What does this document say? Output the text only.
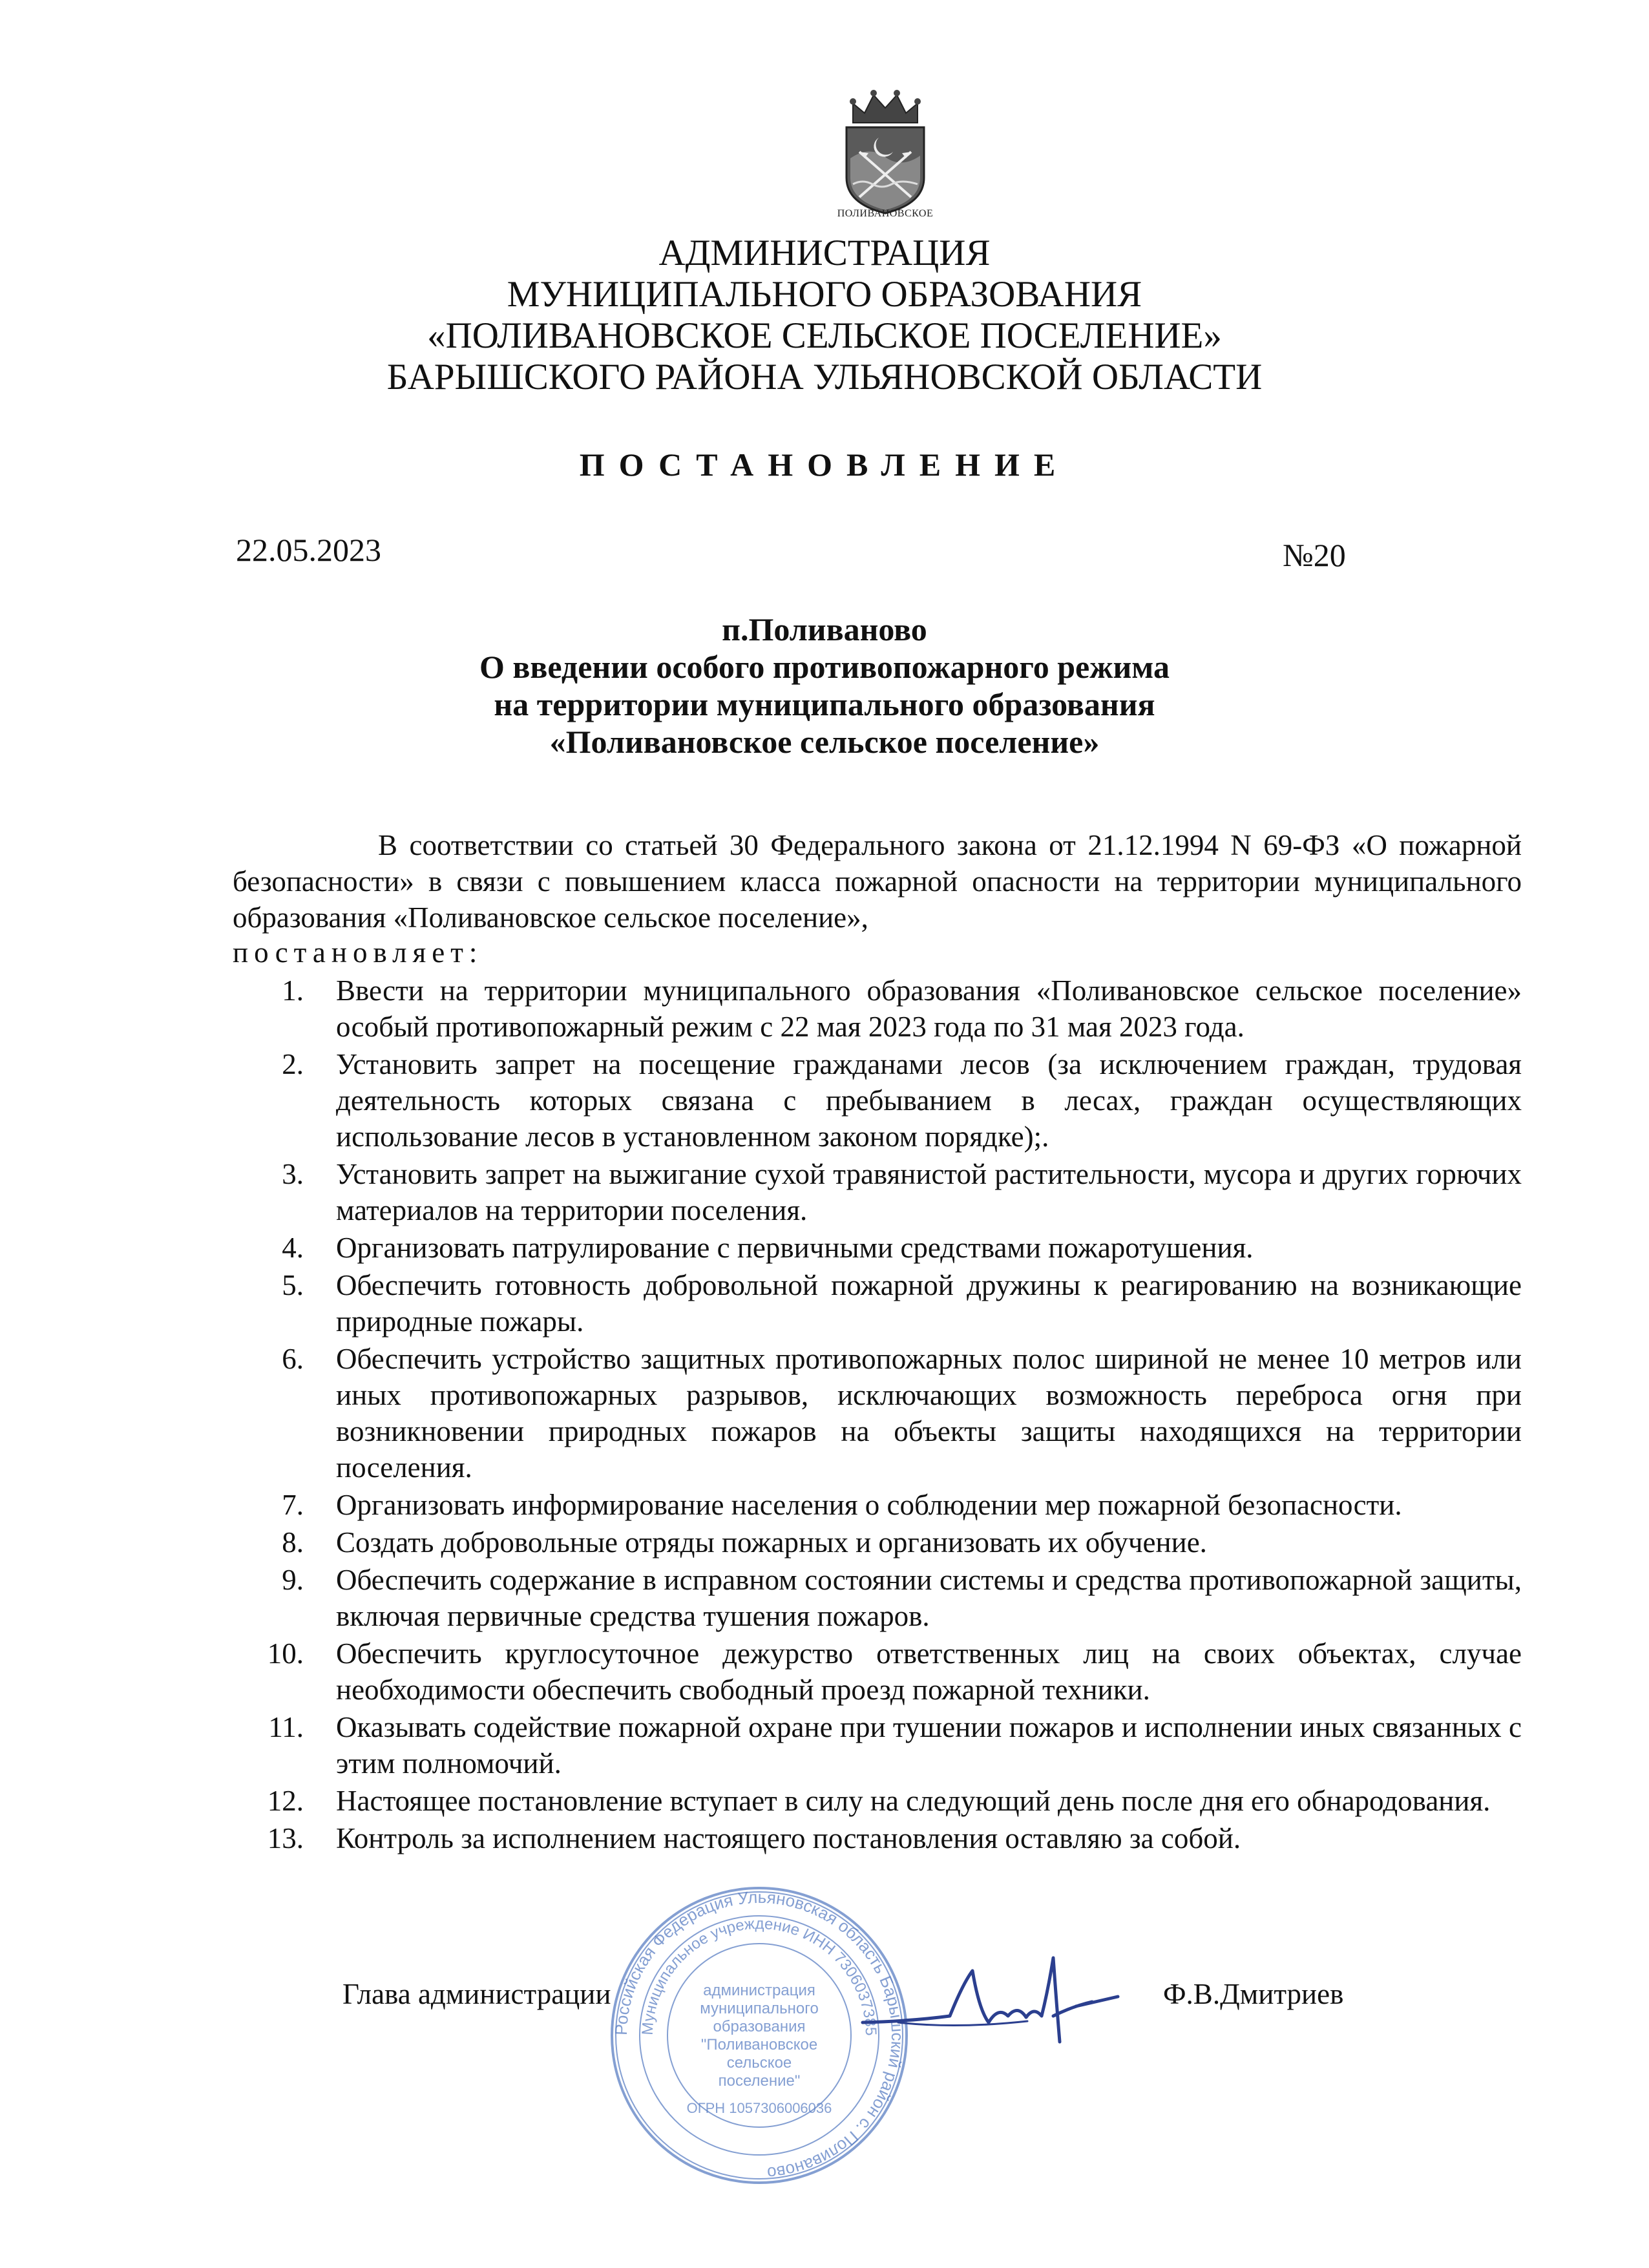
ПОЛИВАНОВСКОЕ
АДМИНИСТРАЦИЯ
МУНИЦИПАЛЬНОГО ОБРАЗОВАНИЯ
«ПОЛИВАНОВСКОЕ СЕЛЬСКОЕ ПОСЕЛЕНИЕ»
БАРЫШСКОГО РАЙОНА УЛЬЯНОВСКОЙ ОБЛАСТИ
ПОСТАНОВЛЕНИЕ
22.05.2023	№20
п.Поливаново
О введении особого противопожарного режима
на территории муниципального образования
«Поливановское сельское поселение»
В соответствии со статьей 30 Федерального закона от 21.12.1994 N 69-ФЗ «О пожарной безопасности» в связи с повышением класса пожарной опасности на территории муниципального образования «Поливановское сельское поселение»,
постановляет:
1. Ввести на территории муниципального образования «Поливановское сельское поселение» особый противопожарный режим с 22 мая 2023 года по 31 мая 2023 года.
2. Установить запрет на посещение гражданами лесов (за исключением граждан, трудовая деятельность которых связана с пребыванием в лесах, граждан осуществляющих использование лесов в установленном законом порядке);.
3. Установить запрет на выжигание сухой травянистой растительности, мусора и других горючих материалов на территории поселения.
4. Организовать патрулирование с первичными средствами пожаротушения.
5. Обеспечить готовность добровольной пожарной дружины к реагированию на возникающие природные пожары.
6. Обеспечить устройство защитных противопожарных полос шириной не менее 10 метров или иных противопожарных разрывов, исключающих возможность переброса огня при возникновении природных пожаров на объекты защиты находящихся на территории поселения.
7. Организовать информирование населения о соблюдении мер пожарной безопасности.
8. Создать добровольные отряды пожарных и организовать их обучение.
9. Обеспечить содержание в исправном состоянии системы и средства противопожарной защиты, включая первичные средства тушения пожаров.
10. Обеспечить круглосуточное дежурство ответственных лиц на своих объектах, случае необходимости обеспечить свободный проезд пожарной техники.
11. Оказывать содействие пожарной охране при тушении пожаров и исполнении иных связанных с этим полномочий.
12. Настоящее постановление вступает в силу на следующий день после дня его обнародования.
13. Контроль за исполнением настоящего постановления оставляю за собой.
Российская Федерация Ульяновская область Барышский район с. Поливаново
Муниципальное учреждение ИНН 7306037385
администрация
муниципального
образования
"Поливановское
сельское
поселение"
ОГРН 1057306006036
Глава администрации	Ф.В.Дмитриев
